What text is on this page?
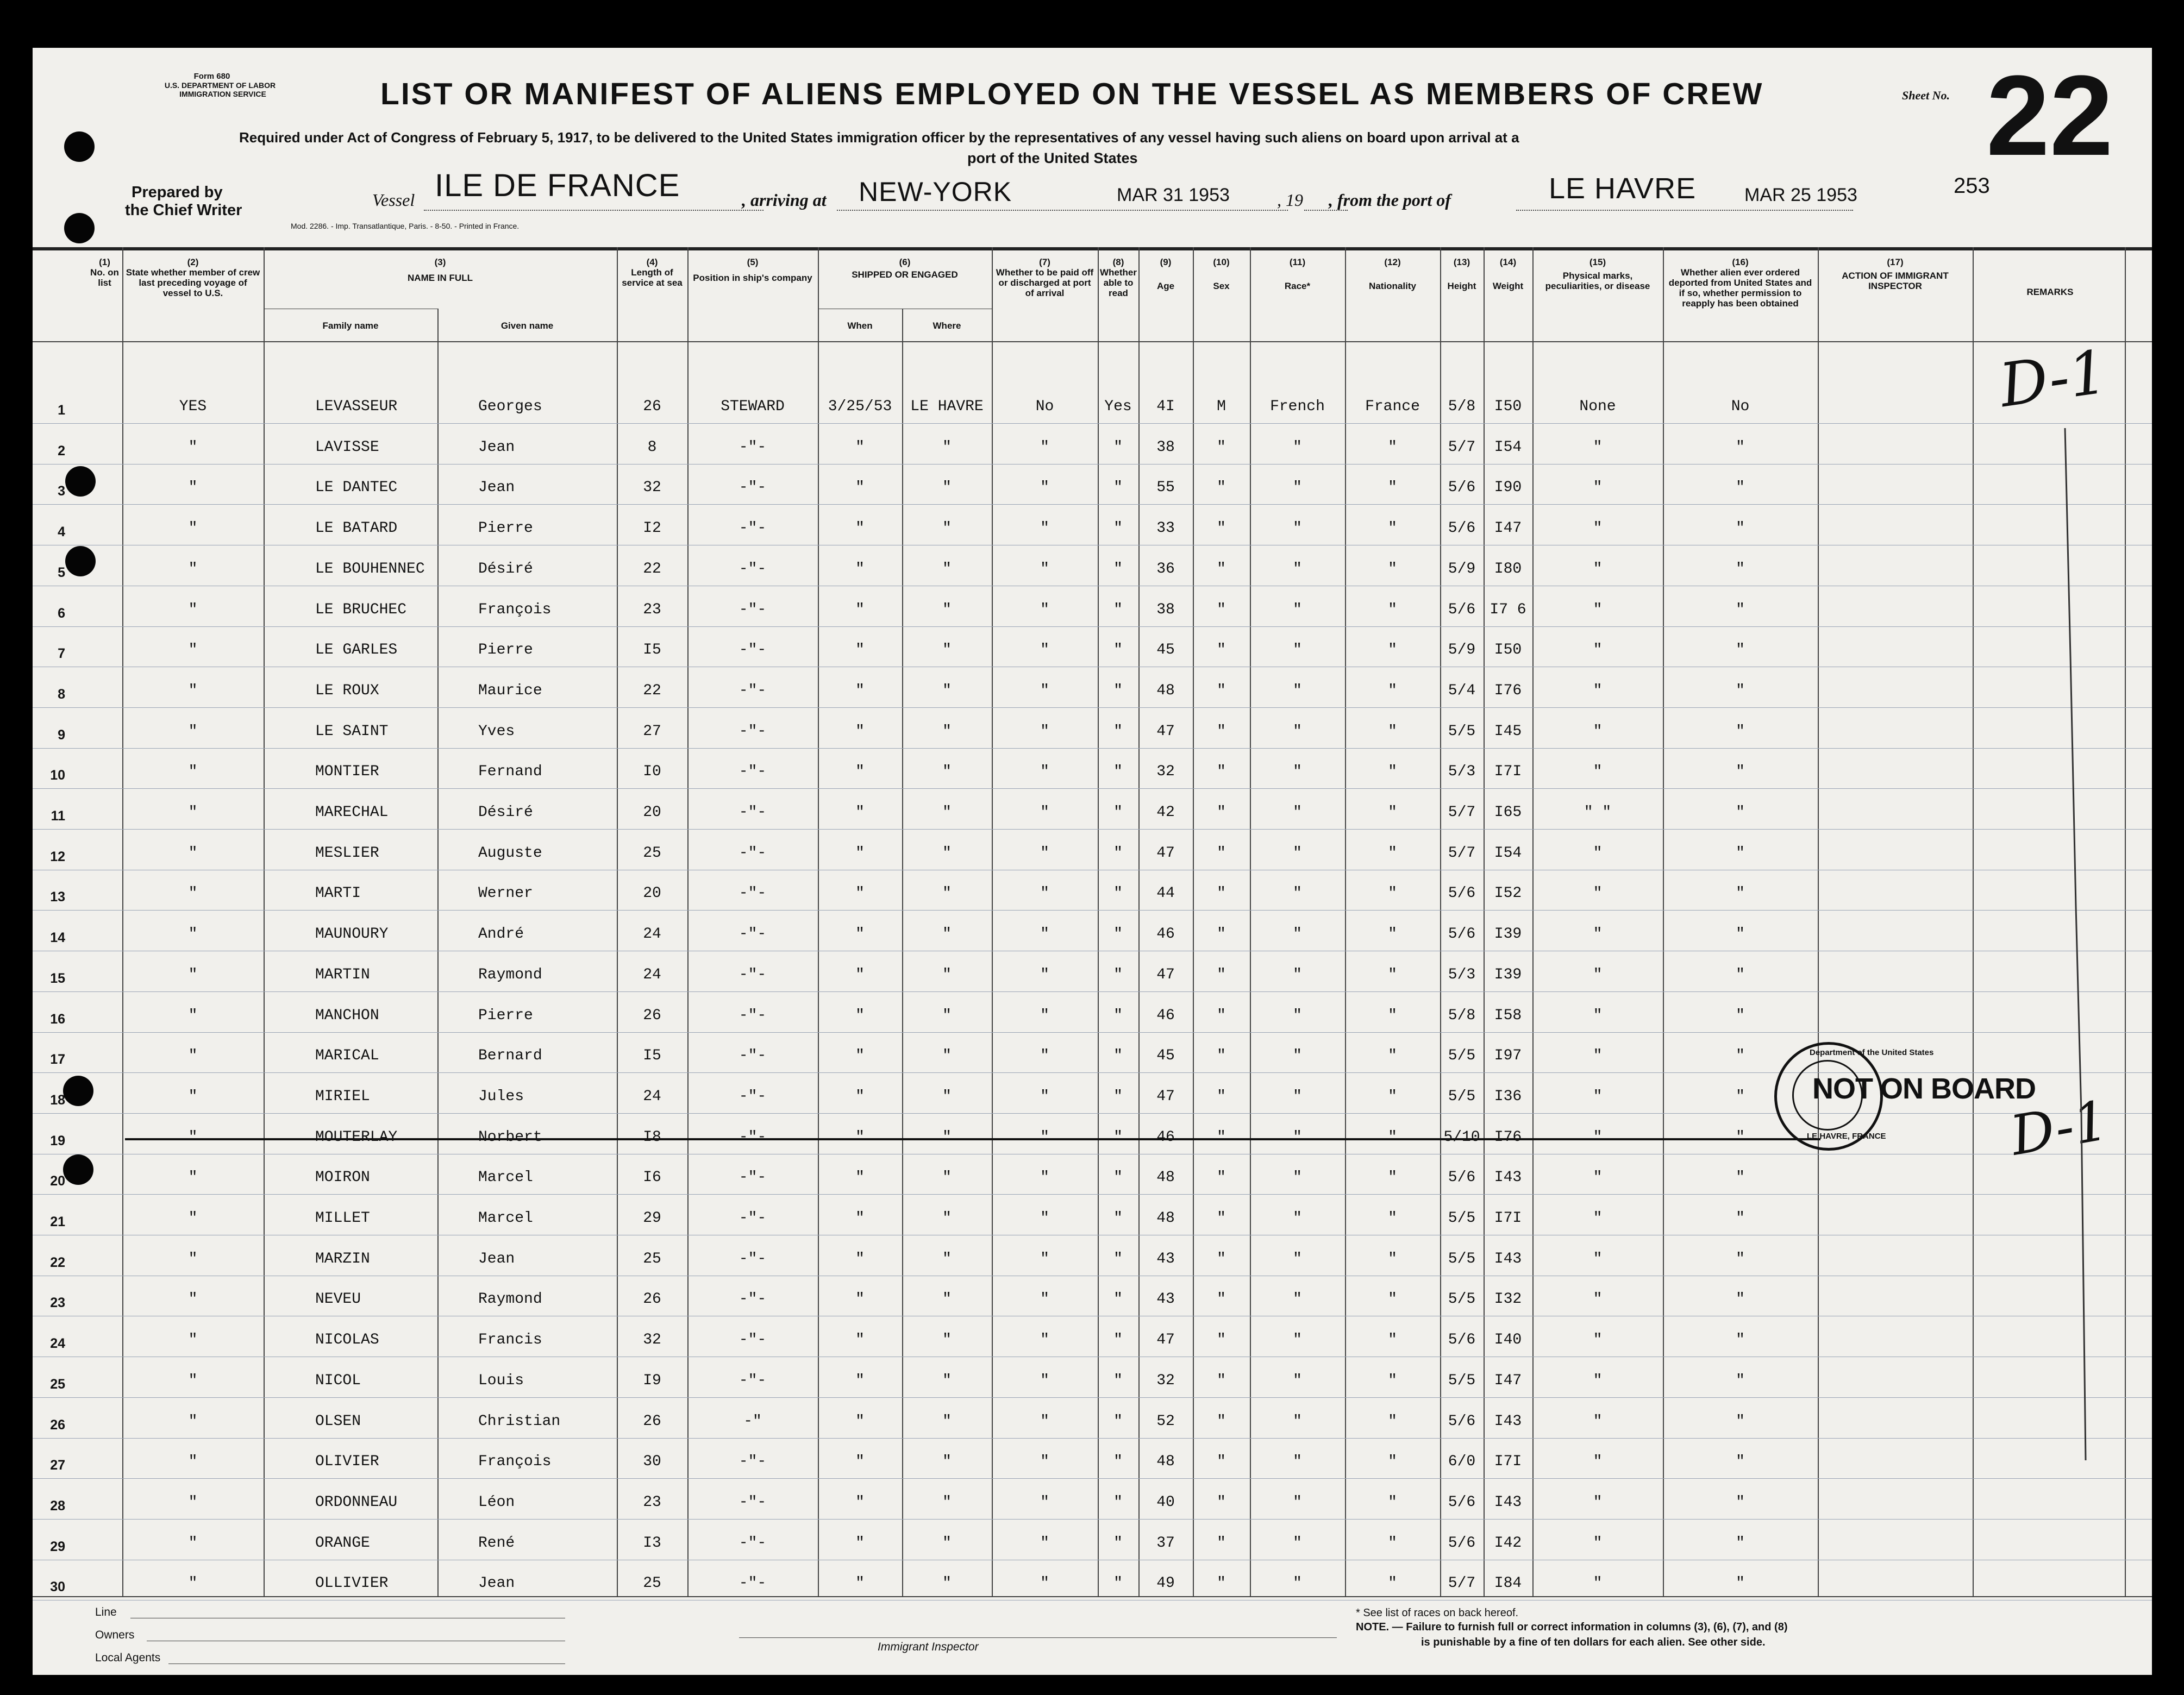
Form 680
U.S. DEPARTMENT OF LABOR
IMMIGRATION SERVICE	LIST OR MANIFEST OF ALIENS EMPLOYED ON THE VESSEL AS MEMBERS OF CREW	Sheet No. 22
Required under Act of Congress of February 5, 1917, to be delivered to the United States immigration officer by the representatives of any vessel having such aliens on board upon arrival at a
port of the United States
Prepared by
the Chief Writer
Mod. 2286. - Imp. Transatlantique, Paris. - 8-50. - Printed in France.
Vessel ILE DE FRANCE	, arriving at NEW-YORK	MAR 31 1953	, 19 , from the port of	LE HAVRE	MAR 25 1953	253
(1)
No. on list
(2)
State whether member of crew last preceding voyage of vessel to U.S.
(3)
NAME IN FULL
Family name	Given name
(4)
Length of service at sea
(5)
Position in ship's company
(6)
SHIPPED OR ENGAGED
When	Where
(7)
Whether to be paid off or discharged at port of arrival
(8)
Whether able to read
(9)
Age
(10)
Sex
(11)
Race*
(12)
Nationality
(13)
Height
(14)
Weight
(15)
Physical marks, peculiarities, or disease
(16)
Whether alien ever ordered deported from United States and if so, whether permission to reapply has been obtained
(17)
ACTION OF IMMIGRANT INSPECTOR
REMARKS
1	YES	LEVASSEUR	Georges	26	STEWARD	3/25/53	LE HAVRE	No	Yes	4I	M	French	France	5/8	I50	None	No
2	"	LAVISSE	Jean	8	-"-	"	"	"	"	38	"	"	"	5/7	I54	"	"
3	"	LE DANTEC	Jean	32	-"-	"	"	"	"	55	"	"	"	5/6	I90	"	"
4	"	LE BATARD	Pierre	I2	-"-	"	"	"	"	33	"	"	"	5/6	I47	"	"
5	"	LE BOUHENNEC	Désiré	22	-"-	"	"	"	"	36	"	"	"	5/9	I80	"	"
6	"	LE BRUCHEC	François	23	-"-	"	"	"	"	38	"	"	"	5/6 I7 6	"	"
7	"	LE GARLES	Pierre	I5	-"-	"	"	"	"	45	"	"	"	5/9	I50	"	"
8	"	LE ROUX	Maurice	22	-"-	"	"	"	"	48	"	"	"	5/4	I76	"	"
9	"	LE SAINT	Yves	27	-"-	"	"	"	"	47	"	"	"	5/5	I45	"	"
10	"	MONTIER	Fernand	I0	-"-	"	"	"	"	32	"	"	"	5/3	I7I	"	"
11	"	MARECHAL	Désiré	20	-"-	"	"	"	"	42	"	"	"	5/7	I65	" "	"
12	"	MESLIER	Auguste	25	-"-	"	"	"	"	47	"	"	"	5/7	I54	"	"
13	"	MARTI	Werner	20	-"-	"	"	"	"	44	"	"	"	5/6	I52	"	"
14	"	MAUNOURY	André	24	-"-	"	"	"	"	46	"	"	"	5/6	I39	"	"
15	"	MARTIN	Raymond	24	-"-	"	"	"	"	47	"	"	"	5/3	I39	"	"
16	"	MANCHON	Pierre	26	-"-	"	"	"	"	46	"	"	"	5/8	I58	"	"
17	"	MARICAL	Bernard	I5	-"-	"	"	"	"	45	"	"	"	5/5	I97	"	"
18	"	MIRIEL	Jules	24	-"-	"	"	"	"	47	"	"	"	5/5	I36	"	"
19	"	MOUTERLAY	Norbert	I8	-"-	"	"	"	"	46	"	"	"	5/10 I76	"	"
20	"	MOIRON	Marcel	I6	-"-	"	"	"	"	48	"	"	"	5/6	I43	"	"
21	"	MILLET	Marcel	29	-"-	"	"	"	"	48	"	"	"	5/5	I7I	"	"
22	"	MARZIN	Jean	25	-"-	"	"	"	"	43	"	"	"	5/5	I43	"	"
23	"	NEVEU	Raymond	26	-"-	"	"	"	"	43	"	"	"	5/5	I32	"	"
24	"	NICOLAS	Francis	32	-"-	"	"	"	"	47	"	"	"	5/6	I40	"	"
25	"	NICOL	Louis	I9	-"-	"	"	"	"	32	"	"	"	5/5	I47	"	"
26	"	OLSEN	Christian	26	-"	"	"	"	"	52	"	"	"	5/6	I43	"	"
27	"	OLIVIER	François	30	-"-	"	"	"	"	48	"	"	"	6/0	I7I	"	"
28	"	ORDONNEAU	Léon	23	-"-	"	"	"	"	40	"	"	"	5/6	I43	"	"
29	"	ORANGE	René	I3	-"-	"	"	"	"	37	"	"	"	5/6	I42	"	"
30	"	OLLIVIER	Jean	25	-"-	"	"	"	"	49	"	"	"	5/7	I84	"	"
D-1
D-1
Department of the United States
LE HAVRE, FRANCE
NOT ON BOARD
Line
Owners
Local Agents
Immigrant Inspector
* See list of races on back hereof.
NOTE. — Failure to furnish full or correct information in columns (3), (6), (7), and (8)
is punishable by a fine of ten dollars for each alien. See other side.
